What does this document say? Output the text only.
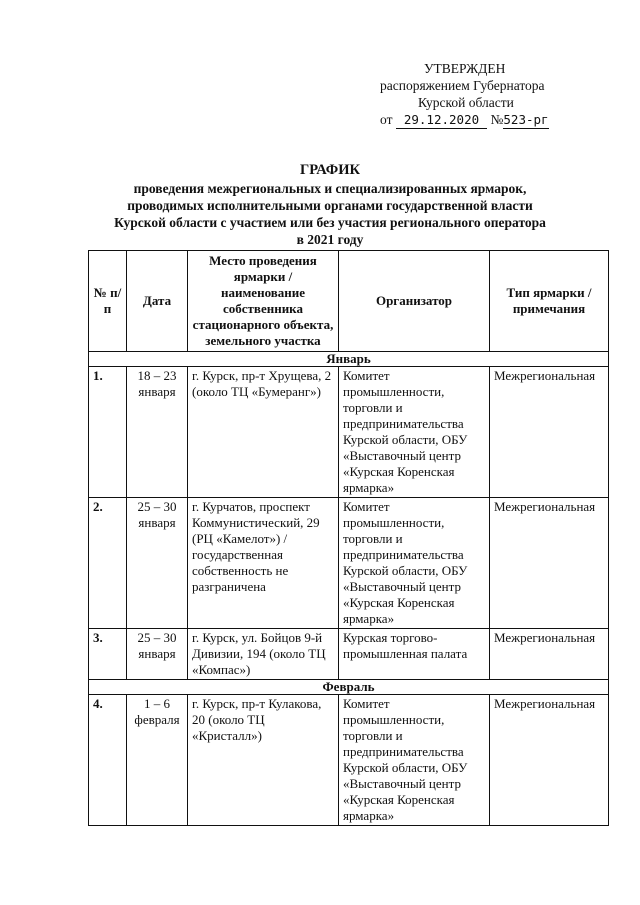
УТВЕРЖДЕН
распоряжением Губернатора
Курской области
от 29.12.2020 №523-рг
ГРАФИК
проведения межрегиональных и специализированных ярмарок,
проводимых исполнительными органами государственной власти
Курской области с участием или без участия регионального оператора
в 2021 году
№ п/п	Дата	Место проведения ярмарки / наименование собственника стационарного объекта, земельного участка	Организатор	Тип ярмарки / примечания
Январь				
1.	18 – 23 января	г. Курск, пр-т Хрущева, 2 (около ТЦ «Бумеранг»)	Комитет промышленности, торговли и предпринимательства Курской области, ОБУ «Выставочный центр «Курская Коренская ярмарка»	Межрегиональная
2.	25 – 30 января	г. Курчатов, проспект Коммунистический, 29 (РЦ «Камелот») / государственная собственность не разграничена	Комитет промышленности, торговли и предпринимательства Курской области, ОБУ «Выставочный центр «Курская Коренская ярмарка»	Межрегиональная
3.	25 – 30 января	г. Курск, ул. Бойцов 9-й Дивизии, 194 (около ТЦ «Компас»)	Курская торгово-промышленная палата	Межрегиональная
Февраль				
4.	1 – 6 февраля	г. Курск, пр-т Кулакова, 20 (около ТЦ «Кристалл»)	Комитет промышленности, торговли и предпринимательства Курской области, ОБУ «Выставочный центр «Курская Коренская ярмарка»	Межрегиональная
